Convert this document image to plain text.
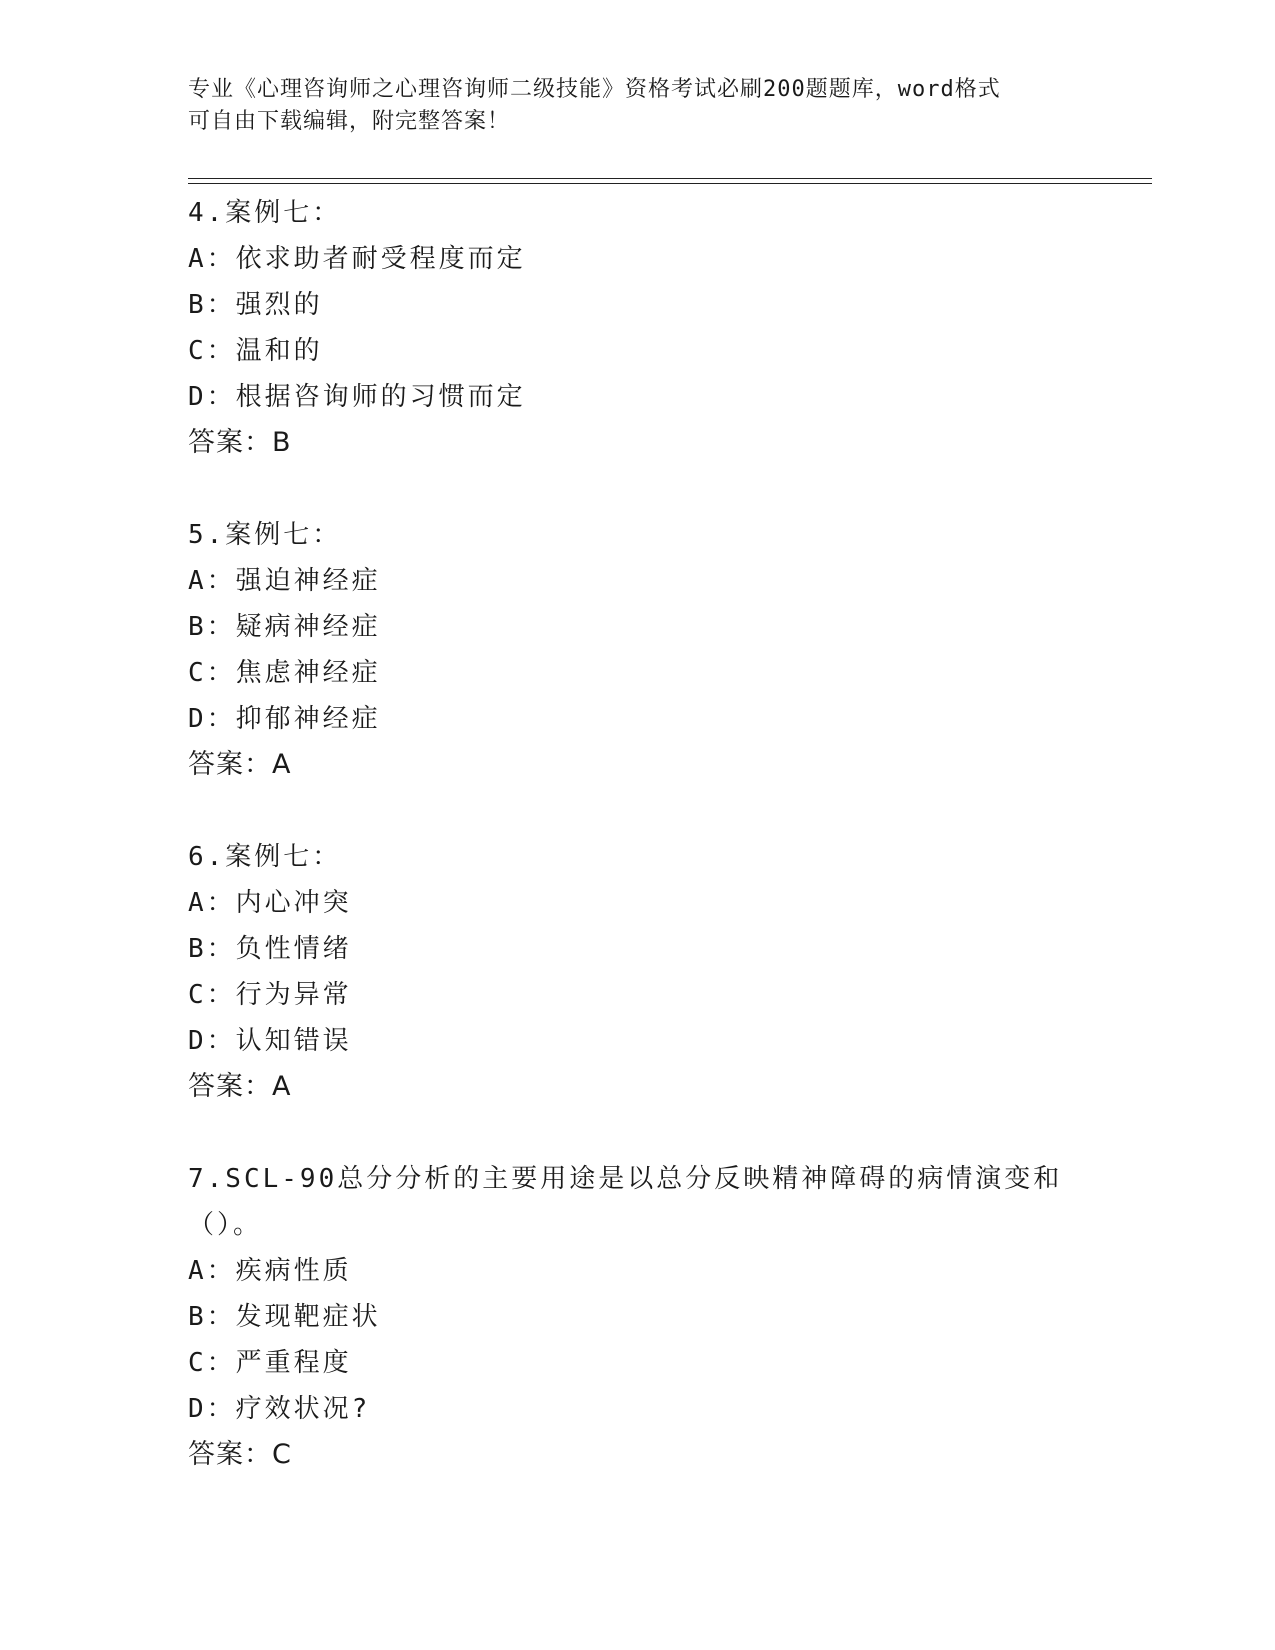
专业《心理咨询师之心理咨询师二级技能》资格考试必刷200题题库，word格式
可自由下载编辑，附完整答案！
4.案例七：
A：依求助者耐受程度而定
B：强烈的
C：温和的
D：根据咨询师的习惯而定
答案：B
5.案例七：
A：强迫神经症
B：疑病神经症
C：焦虑神经症
D：抑郁神经症
答案：A
6.案例七：
A：内心冲突
B：负性情绪
C：行为异常
D：认知错误
答案：A
7.SCL-90总分分析的主要用途是以总分反映精神障碍的病情演变和（）。
A：疾病性质
B：发现靶症状
C：严重程度
D：疗效状况?
答案：C
